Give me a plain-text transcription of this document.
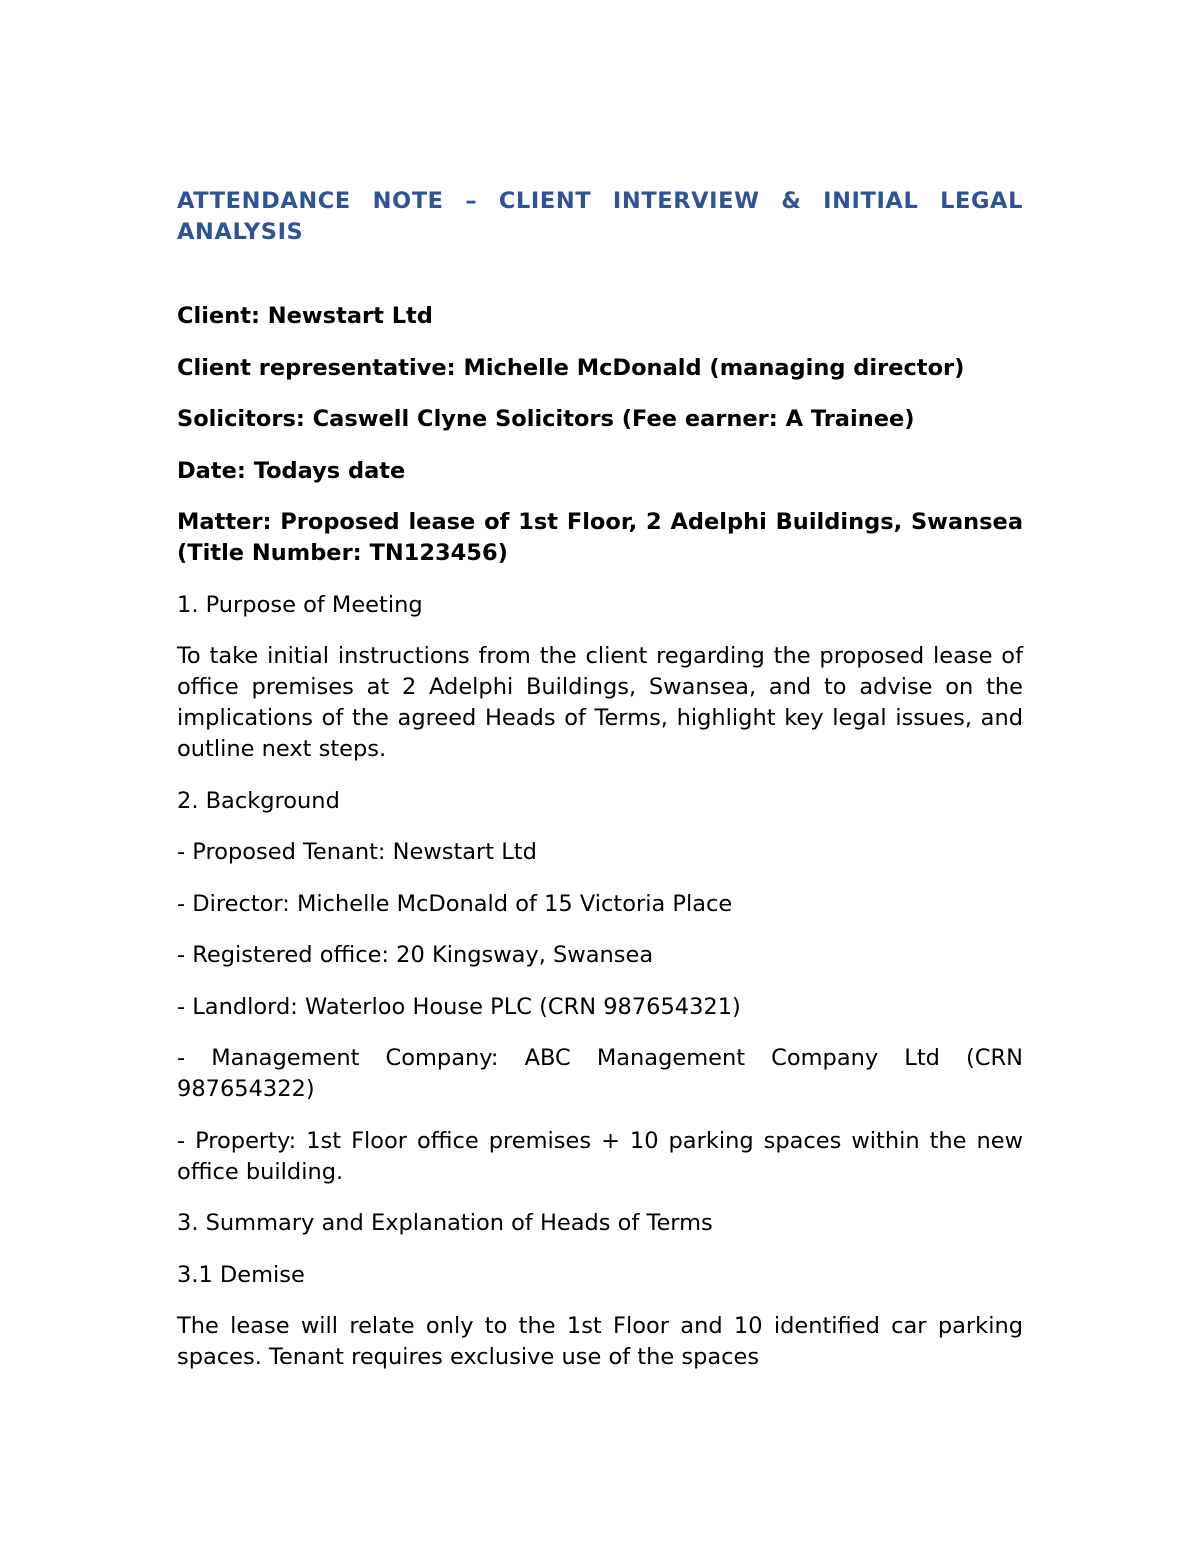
ATTENDANCE NOTE – CLIENT INTERVIEW & INITIAL LEGAL ANALYSIS
Client: Newstart Ltd
Client representative: Michelle McDonald (managing director)
Solicitors: Caswell Clyne Solicitors (Fee earner: A Trainee)
Date: Todays date
Matter: Proposed lease of 1st Floor, 2 Adelphi Buildings, Swansea (Title Number: TN123456)
1. Purpose of Meeting
To take initial instructions from the client regarding the proposed lease of office premises at 2 Adelphi Buildings, Swansea, and to advise on the implications of the agreed Heads of Terms, highlight key legal issues, and outline next steps.
2. Background
- Proposed Tenant: Newstart Ltd
- Director: Michelle McDonald of 15 Victoria Place
- Registered office: 20 Kingsway, Swansea
- Landlord: Waterloo House PLC (CRN 987654321)
- Management Company: ABC Management Company Ltd (CRN 987654322)
- Property: 1st Floor office premises + 10 parking spaces within the new office building.
3. Summary and Explanation of Heads of Terms
3.1 Demise
The lease will relate only to the 1st Floor and 10 identified car parking spaces. Tenant requires exclusive use of the spaces
